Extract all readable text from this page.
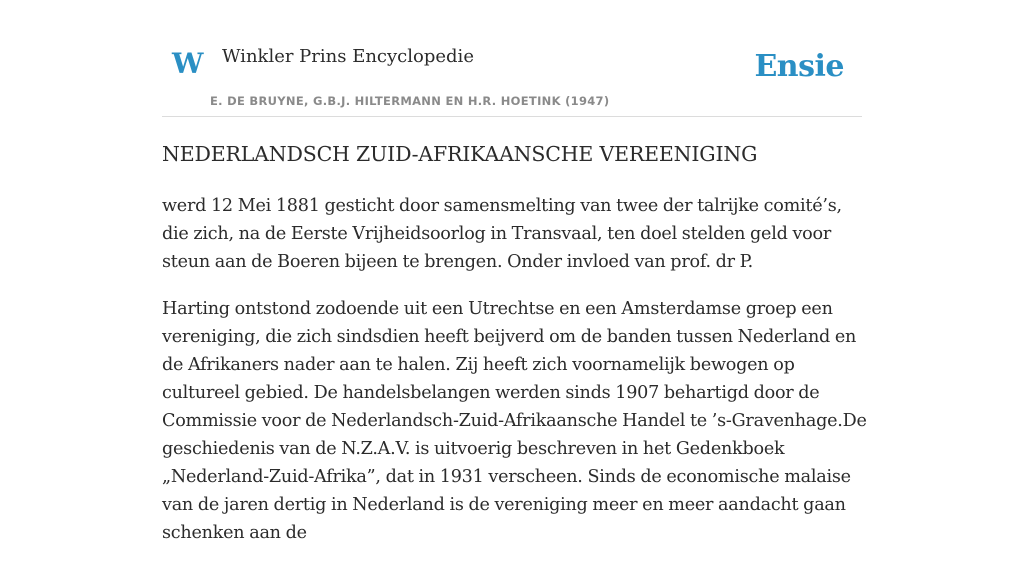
W Winkler Prins Encyclopedie
E. DE BRUYNE, G.B.J. HILTERMANN EN H.R. HOETINK (1947)
Ensie
NEDERLANDSCH ZUID-AFRIKAANSCHE VEREENIGING

werd 12 Mei 1881 gesticht door samensmelting van twee der talrijke comité’s, die zich, na de Eerste Vrijheidsoorlog in Transvaal, ten doel stelden geld voor steun aan de Boeren bijeen te brengen. Onder invloed van prof. dr P.

Harting ontstond zodoende uit een Utrechtse en een Amsterdamse groep een vereniging, die zich sindsdien heeft beijverd om de banden tussen Nederland en de Afrikaners nader aan te halen. Zij heeft zich voornamelijk bewogen op cultureel gebied. De handelsbelangen werden sinds 1907 behartigd door de Commissie voor de Nederlandsch-Zuid-Afrikaansche Handel te ’s-Gravenhage.De geschiedenis van de N.Z.A.V. is uitvoerig beschreven in het Gedenkboek „Nederland-Zuid-Afrika”, dat in 1931 verscheen. Sinds de economische malaise van de jaren dertig in Nederland is de vereniging meer en meer aandacht gaan schenken aan de
